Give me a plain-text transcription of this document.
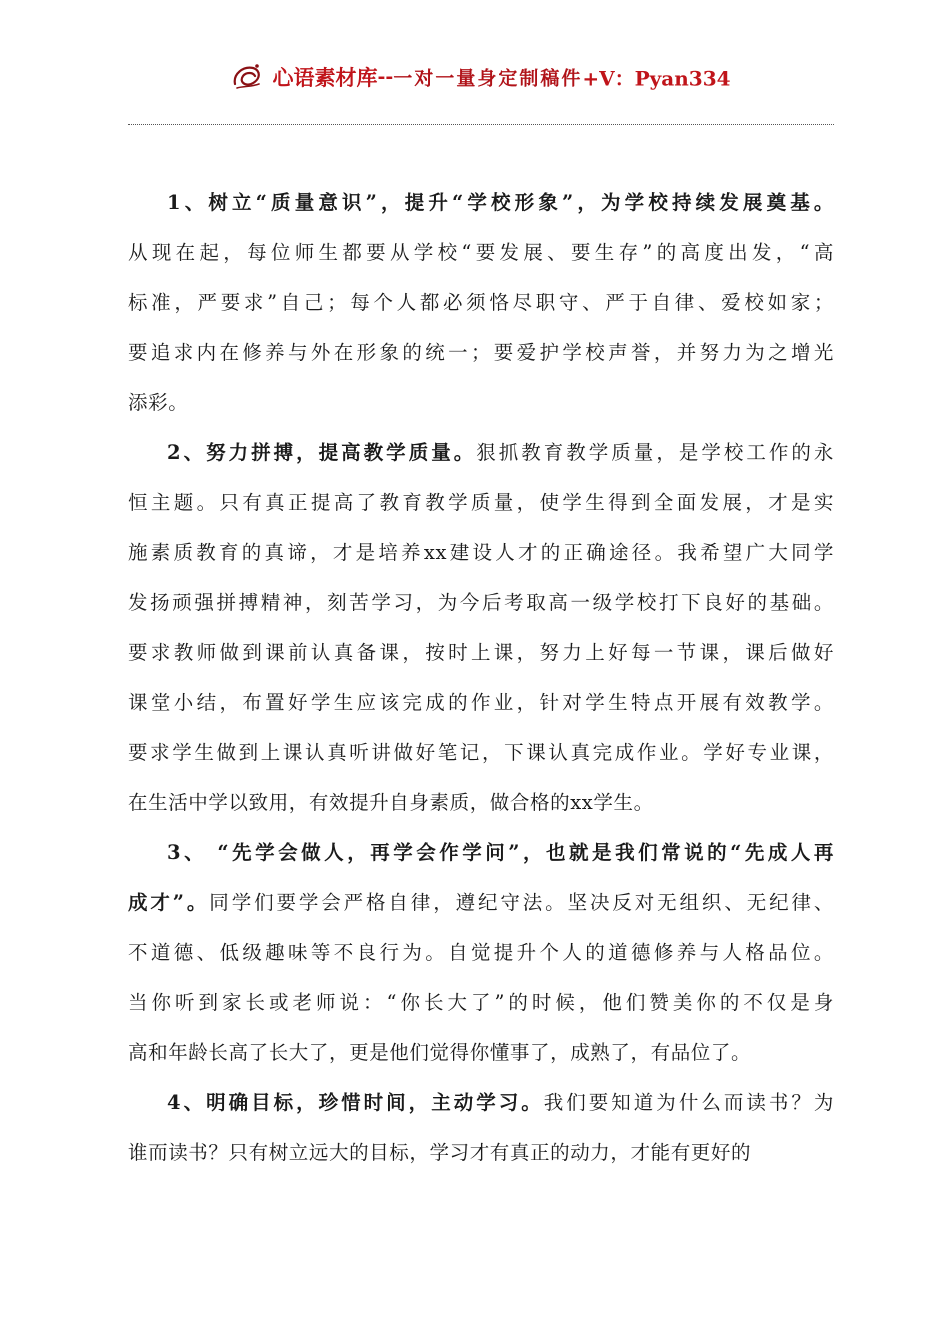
心语素材库--一对一量身定制稿件+V：Pyan334
1、树立“质量意识”，提升“学校形象”，为学校持续发展奠基。
从现在起，每位师生都要从学校“要发展、要生存”的高度出发，“高
标准，严要求”自己；每个人都必须恪尽职守、严于自律、爱校如家；
要追求内在修养与外在形象的统一；要爱护学校声誉，并努力为之增光
添彩。
2、努力拼搏，提高教学质量。狠抓教育教学质量，是学校工作的永
恒主题。只有真正提高了教育教学质量，使学生得到全面发展，才是实
施素质教育的真谛，才是培养xx建设人才的正确途径。我希望广大同学
发扬顽强拼搏精神，刻苦学习，为今后考取高一级学校打下良好的基础。
要求教师做到课前认真备课，按时上课，努力上好每一节课，课后做好
课堂小结，布置好学生应该完成的作业，针对学生特点开展有效教学。
要求学生做到上课认真听讲做好笔记，下课认真完成作业。学好专业课，
在生活中学以致用，有效提升自身素质，做合格的xx学生。
3、 “先学会做人，再学会作学问”，也就是我们常说的“先成人再
成才”。同学们要学会严格自律，遵纪守法。坚决反对无组织、无纪律、
不道德、低级趣味等不良行为。自觉提升个人的道德修养与人格品位。
当你听到家长或老师说：“你长大了”的时候，他们赞美你的不仅是身
高和年龄长高了长大了，更是他们觉得你懂事了，成熟了，有品位了。
4、明确目标，珍惜时间，主动学习。我们要知道为什么而读书？为
谁而读书？只有树立远大的目标，学习才有真正的动力，才能有更好的
